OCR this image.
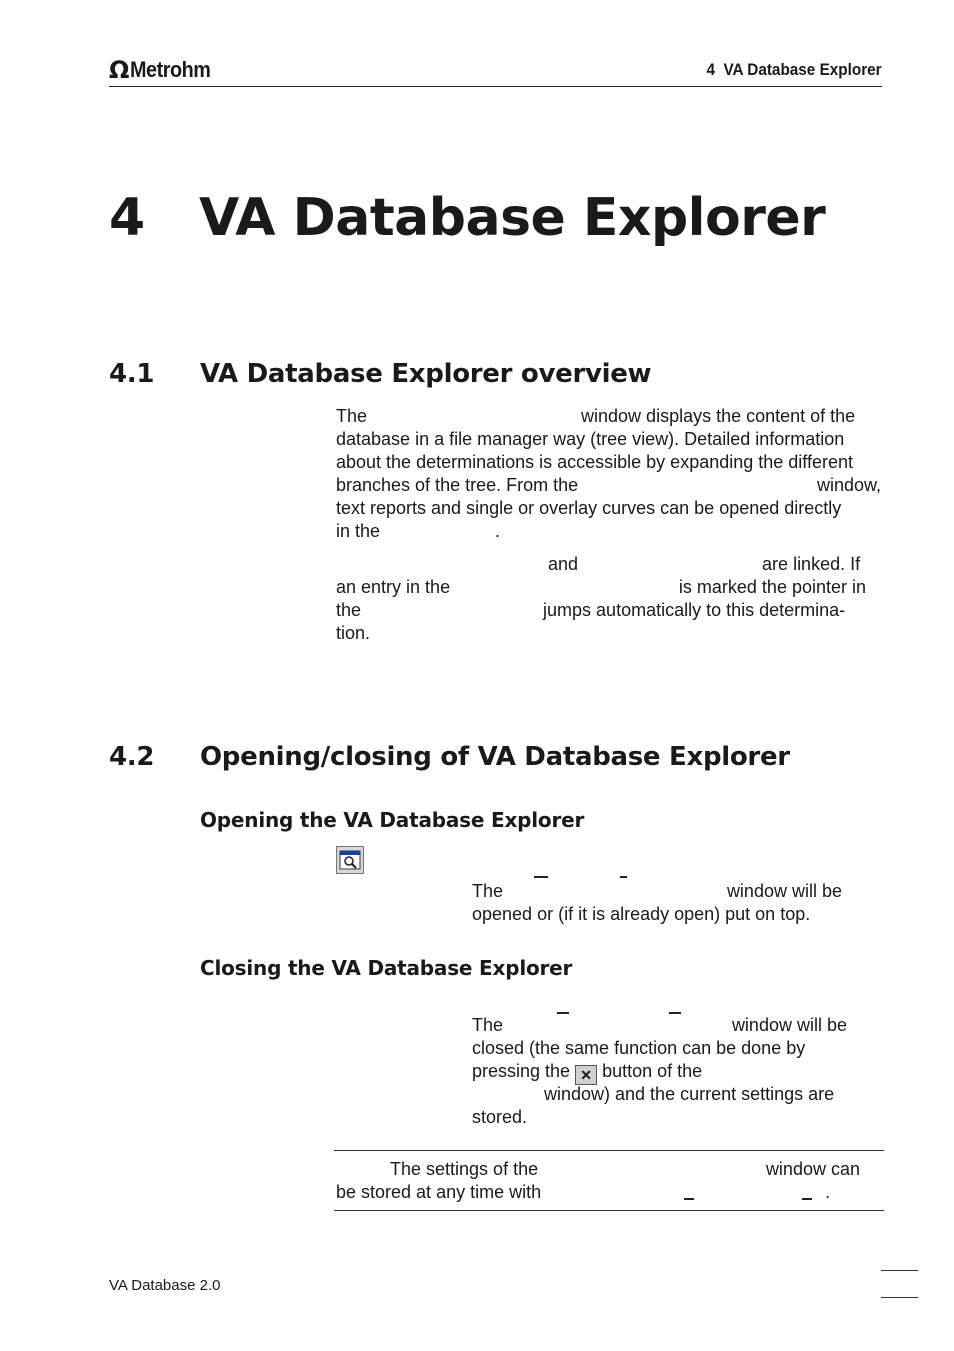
Ω Metrohm	4  VA Database Explorer
4 VA Database Explorer
4.1 VA Database Explorer overview
The	window displays the content of the
database in a file manager way (tree view). Detailed information
about the determinations is accessible by expanding the different
branches of the tree. From the	window,
text reports and single or overlay curves can be opened directly
in the	.
and	are linked. If
an entry in the	is marked the pointer in
the	jumps automatically to this determina-
tion.
4.2 Opening/closing of VA Database Explorer
Opening the VA Database Explorer
The	window will be
opened or (if it is already open) put on top.
Closing the VA Database Explorer
The	window will be
closed (the same function can be done by
pressing the ✕ button of the
window) and the current settings are
stored.
The settings of the	window can
be stored at any time with	.
VA Database 2.0
